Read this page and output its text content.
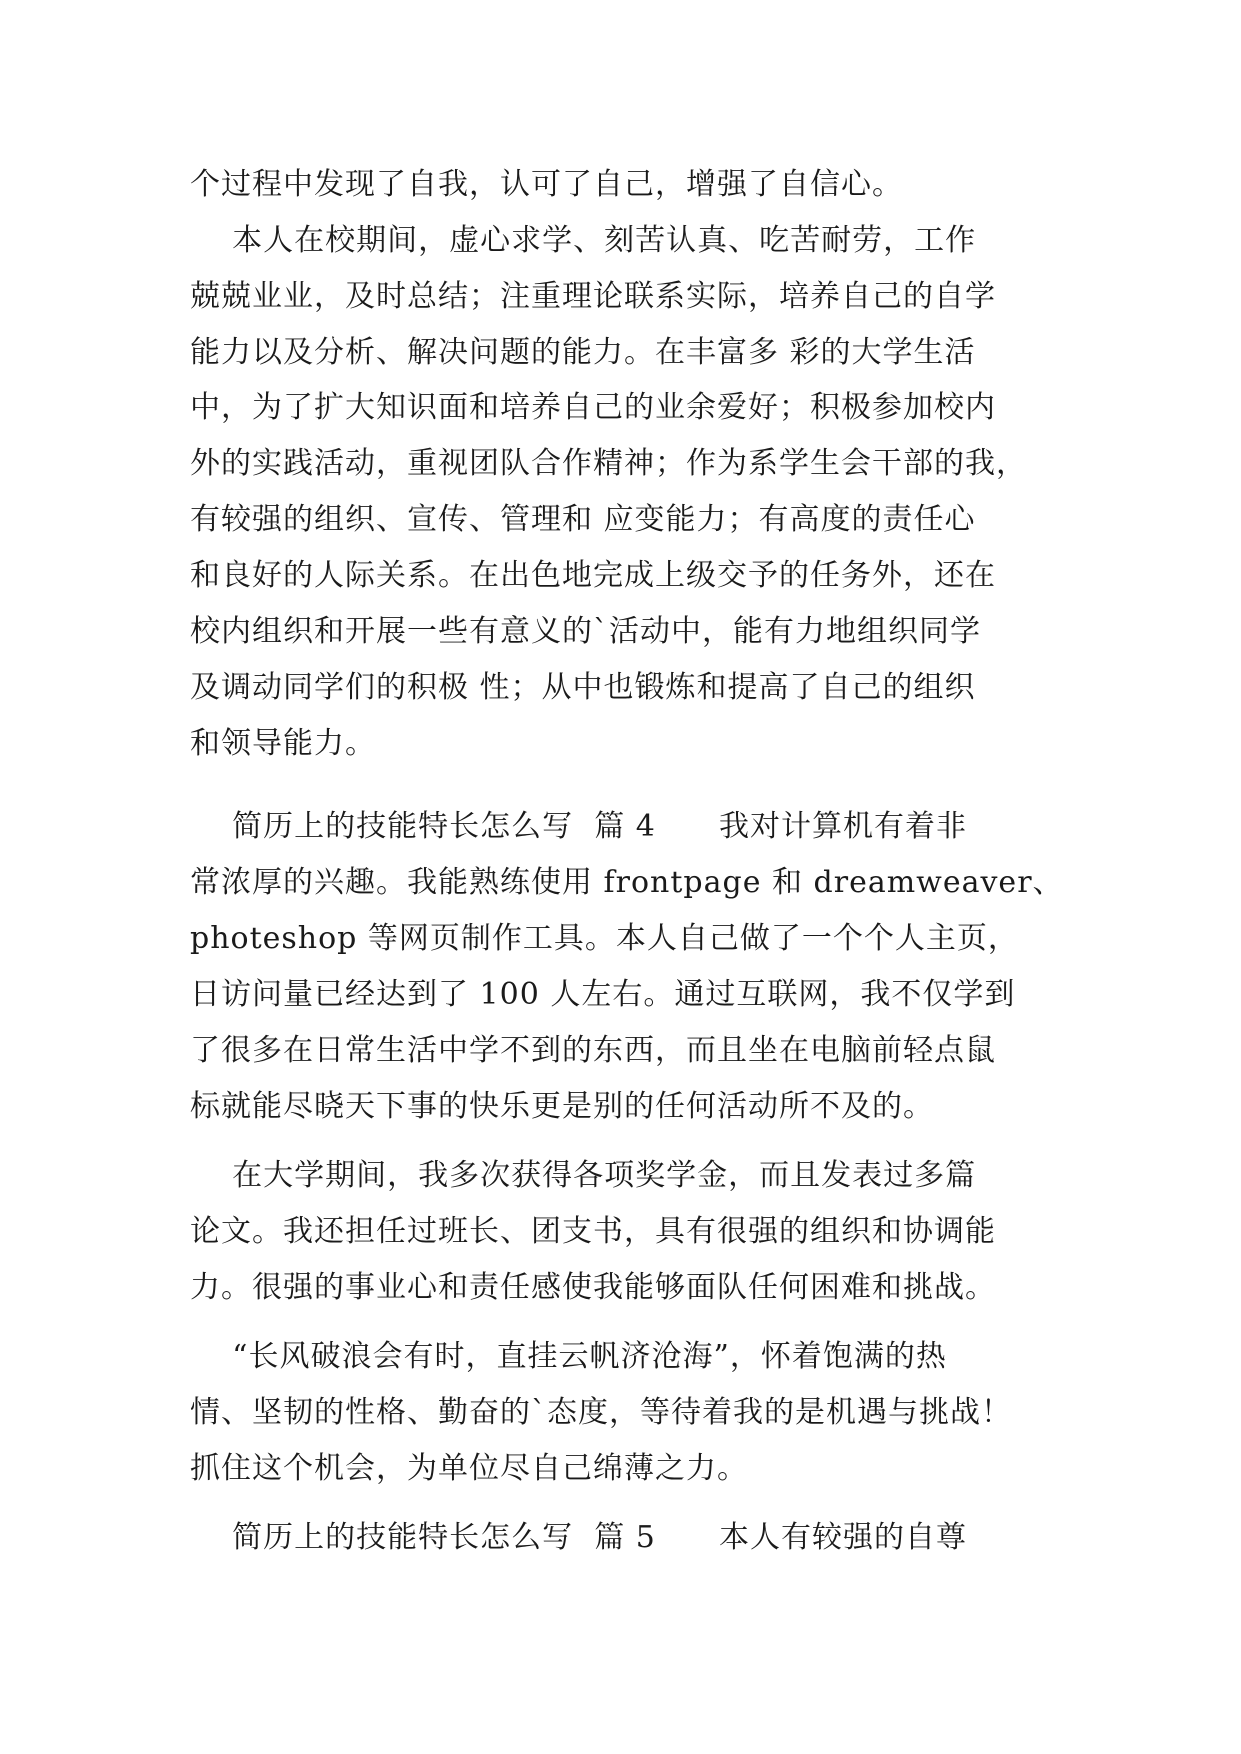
个过程中发现了自我，认可了自己，增强了自信心。
本人在校期间，虚心求学、刻苦认真、吃苦耐劳，工作
兢兢业业，及时总结；注重理论联系实际，培养自己的自学
能力以及分析、解决问题的能力。在丰富多 彩的大学生活
中，为了扩大知识面和培养自己的业余爱好；积极参加校内
外的实践活动，重视团队合作精神；作为系学生会干部的我，
有较强的组织、宣传、管理和 应变能力；有高度的责任心
和良好的人际关系。在出色地完成上级交予的任务外，还在
校内组织和开展一些有意义的`活动中，能有力地组织同学
及调动同学们的积极 性；从中也锻炼和提高了自己的组织
和领导能力。
简历上的技能特长怎么写  篇 4      我对计算机有着非
常浓厚的兴趣。我能熟练使用 frontpage 和 dreamweaver、
photeshop 等网页制作工具。本人自己做了一个个人主页，
日访问量已经达到了 100 人左右。通过互联网，我不仅学到
了很多在日常生活中学不到的东西，而且坐在电脑前轻点鼠
标就能尽晓天下事的快乐更是别的任何活动所不及的。
在大学期间，我多次获得各项奖学金，而且发表过多篇
论文。我还担任过班长、团支书，具有很强的组织和协调能
力。很强的事业心和责任感使我能够面队任何困难和挑战。
“长风破浪会有时，直挂云帆济沧海”，怀着饱满的热
情、坚韧的性格、勤奋的`态度，等待着我的是机遇与挑战！
抓住这个机会，为单位尽自己绵薄之力。
简历上的技能特长怎么写  篇 5      本人有较强的自尊
